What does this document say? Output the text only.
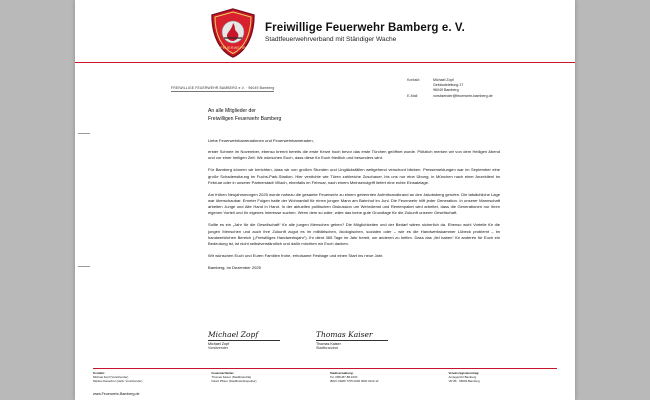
FEUERWEHR
Freiwillige Feuerwehr Bamberg e. V.
Stadtfeuerwehrverband mit Ständiger Wache
FREIWILLIGE FEUERWEHR BAMBERG e.V. · 96049 Bamberg
Kontakt:	Michael Zopf
	Gebäudeleitung 17
	96049 Bamberg
E-Mail:	vorsitzender@feuerwehr-bamberg.de
An alle Mitglieder der
Freiwilligen Feuerwehr Bamberg

Liebe Feuerwehrkameradinnen und Feuerwehrkameraden,

erster Schnee im November, ebenso brennt bereits die erste Kerze hoch bevor das erste Türchen geöffnet wurde. Plötzlich merken wir von dem Heiligen Abend und vor einer heiligen Zeit. Wir wünschen Euch, dass diese für Euch friedlich und besonders wird.

Für Bamberg können wir berichten, dass wir von großen Stunden und Ungläcksfällen weitgehend verschont blieben. Pressemeldungen war im September eine große Schadensitzung im Fuchs-Park-Stadion. Hier verdichte wie Türen zahlreiche Zuschauer, bis uns nur eine Übung, in München nach einer Anzeldienl im Februar oder in unserer Partnerstadt Villach, ebenfalls im Februar, nach einem Meinsenoigriff liefert eine echte Einsatzlage.

Am frühen Neujahrsmorgen 2025 wurde nahezu die gesamte Feuerwehr zu einem getrennten Aufmthrandbrand an den Jakobsberg gerufen. Die tatsächliche Lage war überschaubar. Erneter Folgen hatte der Wohnanfall für einen jungen Mann am Bahnhof im Juni. Die Feuerwehr hilft jeder Generation. In unserer Mannschaft arbeiten Junge und Alte Hand in Hand. In der aktuellen politischen Diskussion um Wehrdienst und Rentenpaket wird arbeitet, dass die Generationen nur ihren eigenen Vorteil und ihr eigenes Interesse suchen. Wenn dem so wäre, wäre das keine gute Grundlage für die Zukunft unserer Gesellschaft.

Sollte es ein „Jahr für die Gesellschaft“ für alle jungen Menschen geben? Die Möglichkeiten und der Bedarf wären sicherlich da. Ebenso wohl Vorteile für die jungen Menschen und auch ihre Zukunft zugut es im militärischen, ökologischen, sozialen oder – wie es die Handwerkskammer Lübeck problemt – im handwerklichen Bereich („Freiwilliges Handwerksjahr“). Ihr dient 365 Tage im Jahr bereit, um anderen zu helfen. Dass das „fiel haben“ für anderen für Euch ein Bedeutung ist, ist nicht selbstverständlich und dafür möchten wir Euch danken.

Wir wünschen Euch und Euren Familien frohe, erholsame Festtage und einen Start ins neue Jahr.

Bamberg, im Dezember 2025

Michael Zopf
Michael Zopf
Vorsitzender
Thomas Kaiser
Thomas Kaiser
Stadtbrandrat
Kontakt:
Michael Zopf (Vorsitzender)
Markus Dauscher (stellv. Vorsitzender)
Feuerwachleiter:
Thomas Kaiser (Stadtbrandrat)
David Pfister (Stadtbrandinspektor)
Stadtverwaltung:
Tel. 0951/87-88-1000
IBAN: DE86 7705 0000 0000 0210 12
Vereinsregisterentrag:
Amtsgericht Bamberg
VR 86 · 96049 Bamberg
www.Feuerwehr-Bamberg.de
